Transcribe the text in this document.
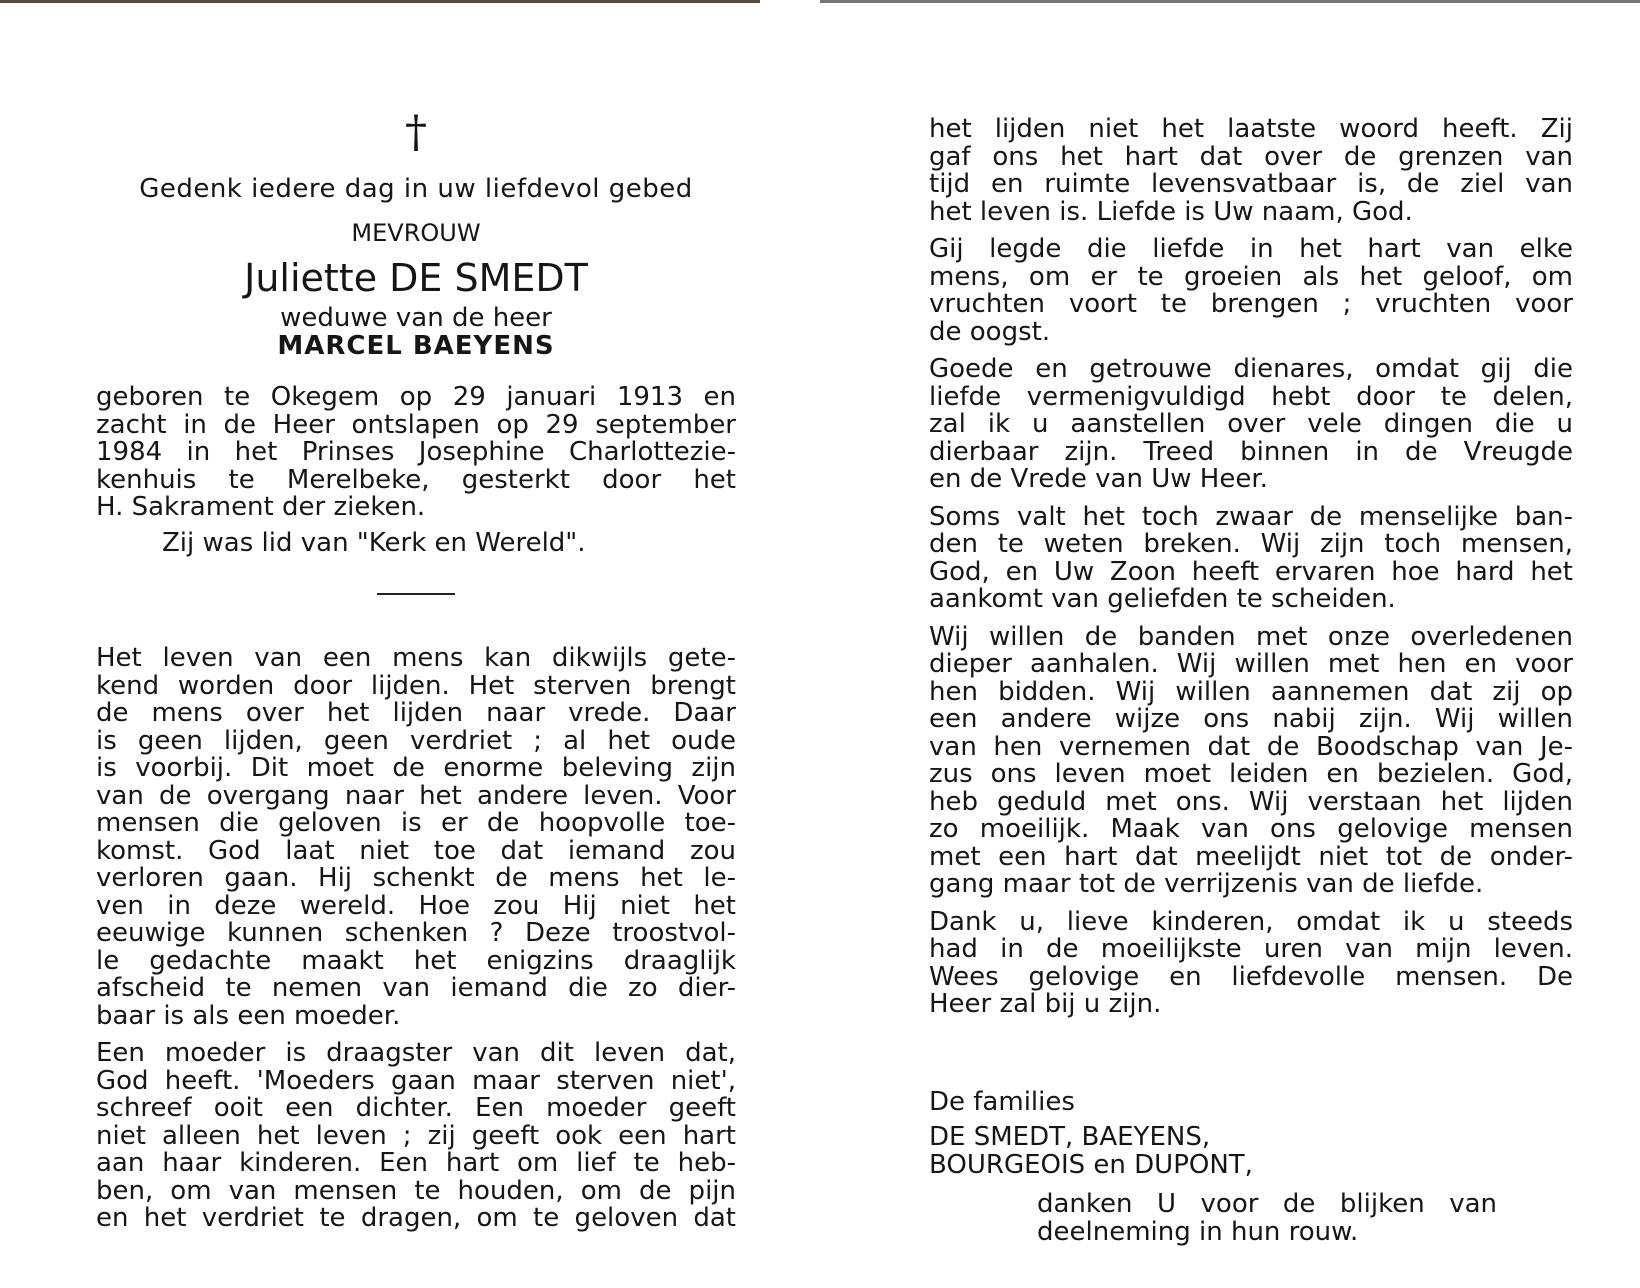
†
Gedenk iedere dag in uw liefdevol gebed
MEVROUW
Juliette DE SMEDT
weduwe van de heer
MARCEL BAEYENS
geboren te Okegem op 29 januari 1913 en
zacht in de Heer ontslapen op 29 september
1984 in het Prinses Josephine Charlottezie-
kenhuis te Merelbeke, gesterkt door het
H. Sakrament der zieken.
Zij was lid van "Kerk en Wereld".
Het leven van een mens kan dikwijls gete-
kend worden door lijden. Het sterven brengt
de mens over het lijden naar vrede. Daar
is geen lijden, geen verdriet ; al het oude
is voorbij. Dit moet de enorme beleving zijn
van de overgang naar het andere leven. Voor
mensen die geloven is er de hoopvolle toe-
komst. God laat niet toe dat iemand zou
verloren gaan. Hij schenkt de mens het le-
ven in deze wereld. Hoe zou Hij niet het
eeuwige kunnen schenken ? Deze troostvol-
le gedachte maakt het enigzins draaglijk
afscheid te nemen van iemand die zo dier-
baar is als een moeder.
Een moeder is draagster van dit leven dat,
God heeft. 'Moeders gaan maar sterven niet',
schreef ooit een dichter. Een moeder geeft
niet alleen het leven ; zij geeft ook een hart
aan haar kinderen. Een hart om lief te heb-
ben, om van mensen te houden, om de pijn
en het verdriet te dragen, om te geloven dat
het lijden niet het laatste woord heeft. Zij
gaf ons het hart dat over de grenzen van
tijd en ruimte levensvatbaar is, de ziel van
het leven is. Liefde is Uw naam, God.
Gij legde die liefde in het hart van elke
mens, om er te groeien als het geloof, om
vruchten voort te brengen ; vruchten voor
de oogst.
Goede en getrouwe dienares, omdat gij die
liefde vermenigvuldigd hebt door te delen,
zal ik u aanstellen over vele dingen die u
dierbaar zijn. Treed binnen in de Vreugde
en de Vrede van Uw Heer.
Soms valt het toch zwaar de menselijke ban-
den te weten breken. Wij zijn toch mensen,
God, en Uw Zoon heeft ervaren hoe hard het
aankomt van geliefden te scheiden.
Wij willen de banden met onze overledenen
dieper aanhalen. Wij willen met hen en voor
hen bidden. Wij willen aannemen dat zij op
een andere wijze ons nabij zijn. Wij willen
van hen vernemen dat de Boodschap van Je-
zus ons leven moet leiden en bezielen. God,
heb geduld met ons. Wij verstaan het lijden
zo moeilijk. Maak van ons gelovige mensen
met een hart dat meelijdt niet tot de onder-
gang maar tot de verrijzenis van de liefde.
Dank u, lieve kinderen, omdat ik u steeds
had in de moeilijkste uren van mijn leven.
Wees gelovige en liefdevolle mensen. De
Heer zal bij u zijn.
De families
DE SMEDT, BAEYENS,
BOURGEOIS en DUPONT,
danken U voor de blijken van
deelneming in hun rouw.
